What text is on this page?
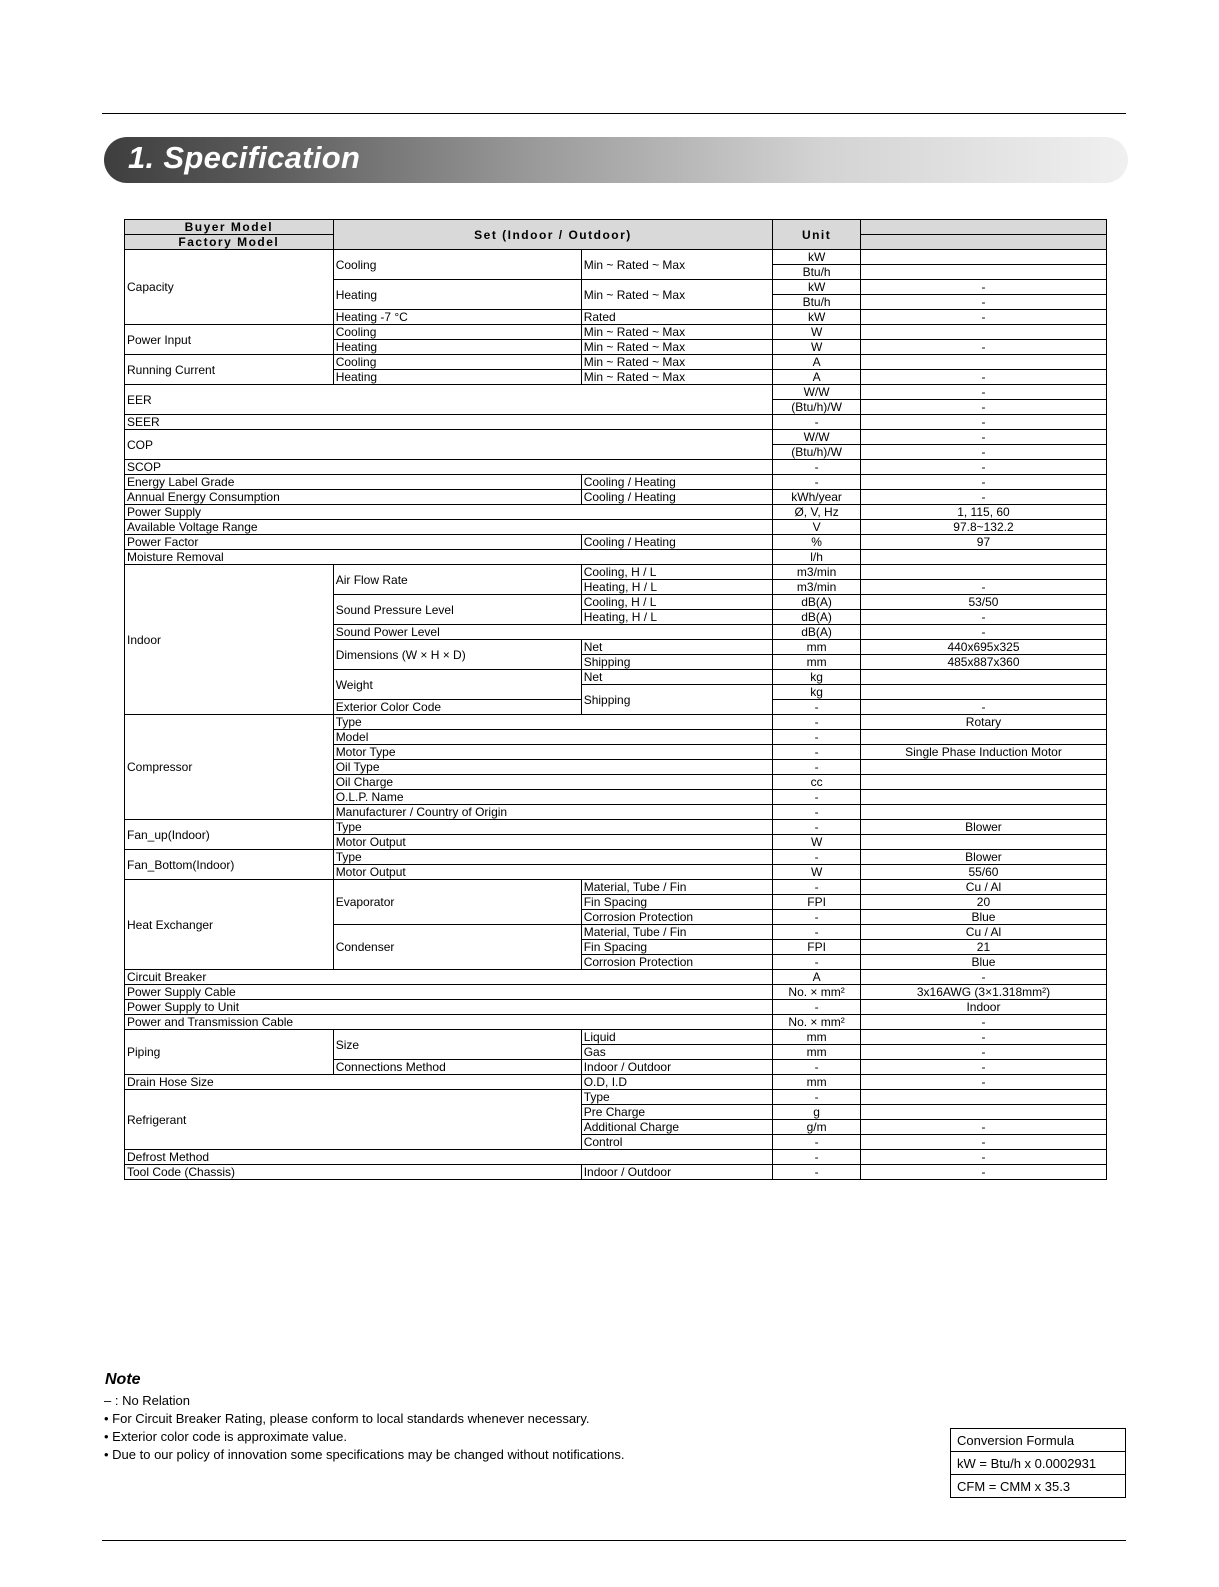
1. Specification
Buyer Model	Set (Indoor / Outdoor)		Unit	
Factory Model				
Capacity	Cooling	Min ~ Rated ~ Max	kW	
			Btu/h	
	Heating	Min ~ Rated ~ Max	kW	-
			Btu/h	-
	Heating -7 °C	Rated	kW	-
Power Input	Cooling	Min ~ Rated ~ Max	W	
	Heating	Min ~ Rated ~ Max	W	-
Running Current	Cooling	Min ~ Rated ~ Max	A	
	Heating	Min ~ Rated ~ Max	A	-
EER			W/W	-
			(Btu/h)/W	-
SEER			-	-
COP			W/W	-
			(Btu/h)/W	-
SCOP			-	-
Energy Label Grade		Cooling / Heating	-	-
Annual Energy Consumption		Cooling / Heating	kWh/year	-
Power Supply			Ø, V, Hz	1, 115, 60
Available Voltage Range			V	97.8~132.2
Power Factor		Cooling / Heating	%	97
Moisture Removal			l/h	
Indoor	Air Flow Rate	Cooling, H / L	m3/min	
		Heating, H / L	m3/min	-
	Sound Pressure Level	Cooling, H / L	dB(A)	53/50
		Heating, H / L	dB(A)	-
	Sound Power Level		dB(A)	-
	Dimensions (W × H × D)	Net	mm	440x695x325
		Shipping	mm	485x887x360
	Weight	Net	kg	
		Shipping	kg	
	Exterior Color Code		-	-
Compressor	Type		-	Rotary
	Model		-	
	Motor Type		-	Single Phase Induction Motor
	Oil Type		-	
	Oil Charge		cc	
	O.L.P. Name		-	
	Manufacturer / Country of Origin		-	
Fan_up(Indoor)	Type		-	Blower
	Motor Output		W	
Fan_Bottom(Indoor)	Type		-	Blower
	Motor Output		W	55/60
Heat Exchanger	Evaporator	Material, Tube / Fin	-	Cu / Al
		Fin Spacing	FPI	20
		Corrosion Protection	-	Blue
	Condenser	Material, Tube / Fin	-	Cu / Al
		Fin Spacing	FPI	21
		Corrosion Protection	-	Blue
Circuit Breaker			A	-
Power Supply Cable			No. × mm²	3x16AWG (3×1.318mm²)
Power Supply to Unit			-	Indoor
Power and Transmission Cable			No. × mm²	-
Piping	Size	Liquid	mm	-
		Gas	mm	-
	Connections Method	Indoor / Outdoor	-	-
Drain Hose Size		O.D, I.D	mm	-
Refrigerant		Type	-	
		Pre Charge	g	
		Additional Charge	g/m	-
		Control	-	-
Defrost Method			-	-
Tool Code (Chassis)		Indoor / Outdoor	-	-
Note
– : No Relation
• For Circuit Breaker Rating, please conform to local standards whenever necessary.
• Exterior color code is approximate value.
• Due to our policy of innovation some specifications may be changed without notifications.
Conversion Formula
kW = Btu/h x 0.0002931
CFM = CMM x 35.3
